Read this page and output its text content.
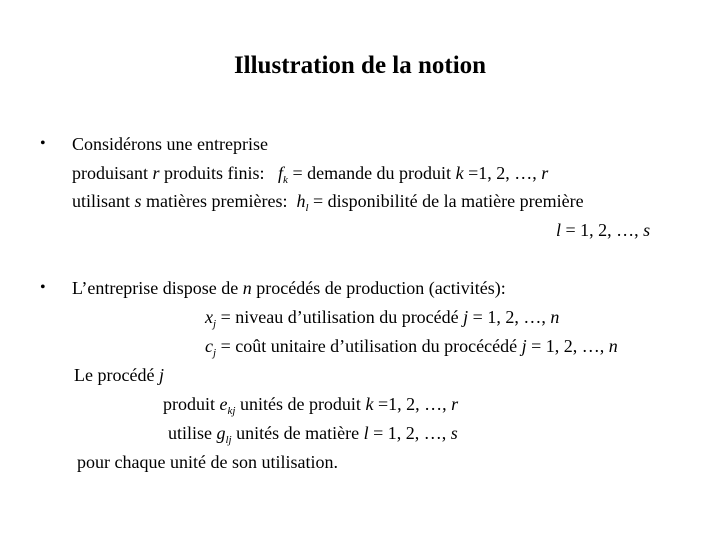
Illustration de la notion
• Considérons une entreprise
produisant r produits finis:   $f_k$ = demande du produit k =1, 2, …, r
utilisant s matières premières:  $h_l$ = disponibilité de la matière première
l = 1, 2, …, s
• L’entreprise dispose de n procédés de production (activités):
$x_j$ = niveau d’utilisation du procédé j = 1, 2, …, n
$c_j$ = coût unitaire d’utilisation du procécédé j = 1, 2, …, n
Le procédé j
produit $e_{kj}$ unités de produit k =1, 2, …, r
utilise $g_{lj}$ unités de matière l = 1, 2, …, s
pour chaque unité de son utilisation.
